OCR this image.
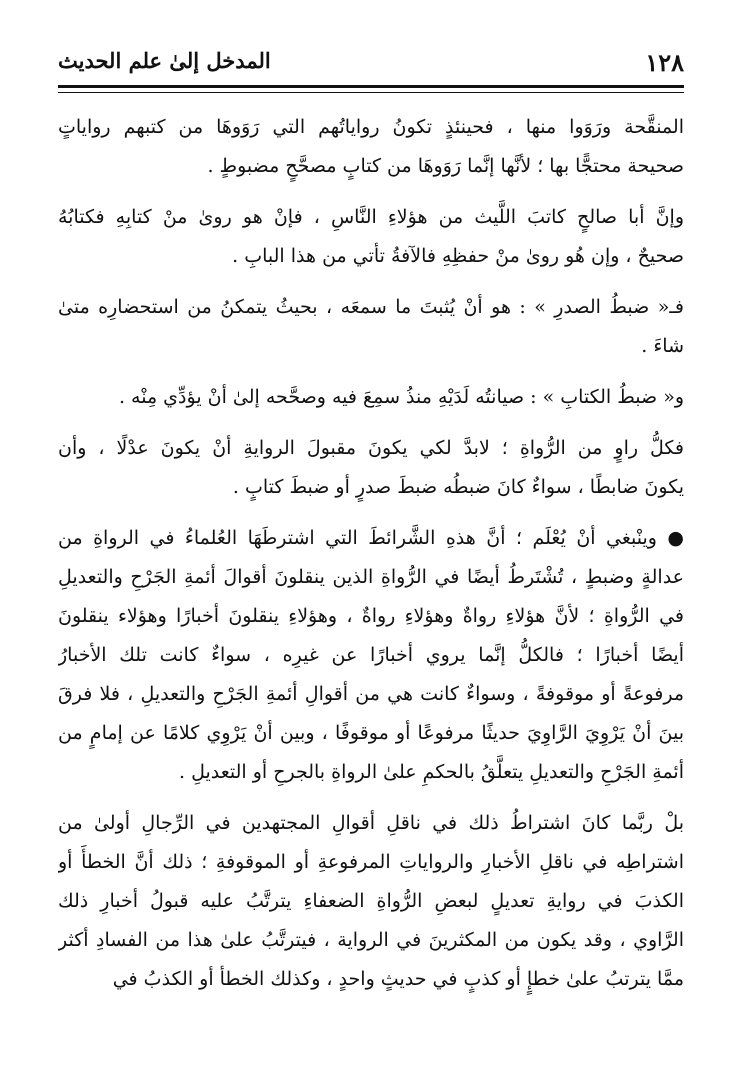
١٢٨
المدخل إلىٰ علم الحديث
المنقَّحة ورَوَوا منها ، فحينئذٍ تكونُ رواياتُهم التي رَوَوهَا من كتبهم رواياتٍ
صحيحة محتجًّا بها ؛ لأنَّها إنَّما رَوَوهَا من كتابٍ مصحَّحٍ مضبوطٍ .
وإنَّ أبا صالحٍ كاتبَ اللَّيث من هؤلاءِ النَّاسِ ، فإنْ هو روىٰ منْ كتابِهِ فكتابُهُ
صحيحٌ ، وإن هُو روىٰ منْ حفظِهِ فالآفةُ تأتي من هذا البابِ .
فـ« ضبطُ الصدرِ » : هو أنْ يُثبتَ ما سمعَه ، بحيثُ يتمكنُ من استحضارِه متىٰ
شاءَ .
و« ضبطُ الكتابِ » : صيانتُه لَدَيْهِ منذُ سمِعَ فيه وصحَّحه إلىٰ أنْ يؤدِّي مِنْه .
فكلُّ راوٍ من الرُّواةِ ؛ لابدَّ لكي يكونَ مقبولَ الروايةِ أنْ يكونَ عدْلًا ، وأن
يكونَ ضابطًا ، سواءٌ كانَ ضبطُه ضبطَ صدرٍ أو ضبطَ كتابٍ .
● وينْبغي أنْ يُعْلَم ؛ أنَّ هذهِ الشَّرائطَ التي اشترطَهَا العُلماءُ في الرواةِ من
عدالةٍ وضبطٍ ، تُشْتَرطُ أيضًا في الرُّواةِ الذين ينقلونَ أقوالَ أئمةِ الجَرْحِ والتعديلِ
في الرُّواةِ ؛ لأنَّ هؤلاءِ رواةٌ وهؤلاءِ رواةٌ ، وهؤلاءِ ينقلونَ أخبارًا وهؤلاء ينقلونَ
أيضًا أخبارًا ؛ فالكلُّ إنَّما يروي أخبارًا عن غيرِه ، سواءٌ كانت تلك الأخبارُ
مرفوعةً أو موقوفةً ، وسواءٌ كانت هي من أقوالِ أئمةِ الجَرْحِ والتعديلِ ، فلا فرقَ
بينَ أنْ يَرْوِيَ الرَّاوِيَ حديثًا مرفوعًا أو موقوفًا ، وبين أنْ يَرْوِي كلامًا عن إمامٍ من
أئمةِ الجَرْحِ والتعديلِ يتعلَّقُ بالحكمِ علىٰ الرواةِ بالجرحِ أو التعديلِ .
بلْ ربَّما كانَ اشتراطُ ذلك في ناقلِ أقوالِ المجتهدين في الرِّجالِ أولىٰ من
اشتراطِه في ناقلِ الأخبارِ والرواياتِ المرفوعةِ أو الموقوفةِ ؛ ذلك أنَّ الخطأَ أو
الكذبَ في روايةِ تعديلٍ لبعضِ الرُّواةِ الضعفاءِ يترتَّبُ عليه قبولُ أخبارِ ذلك
الرَّاوي ، وقد يكون من المكثرينَ في الرواية ، فيترتَّبُ علىٰ هذا من الفسادِ أكثر
ممَّا يترتبُ علىٰ خطإٍ أو كذبٍ في حديثٍ واحدٍ ، وكذلك الخطأ أو الكذبُ في
